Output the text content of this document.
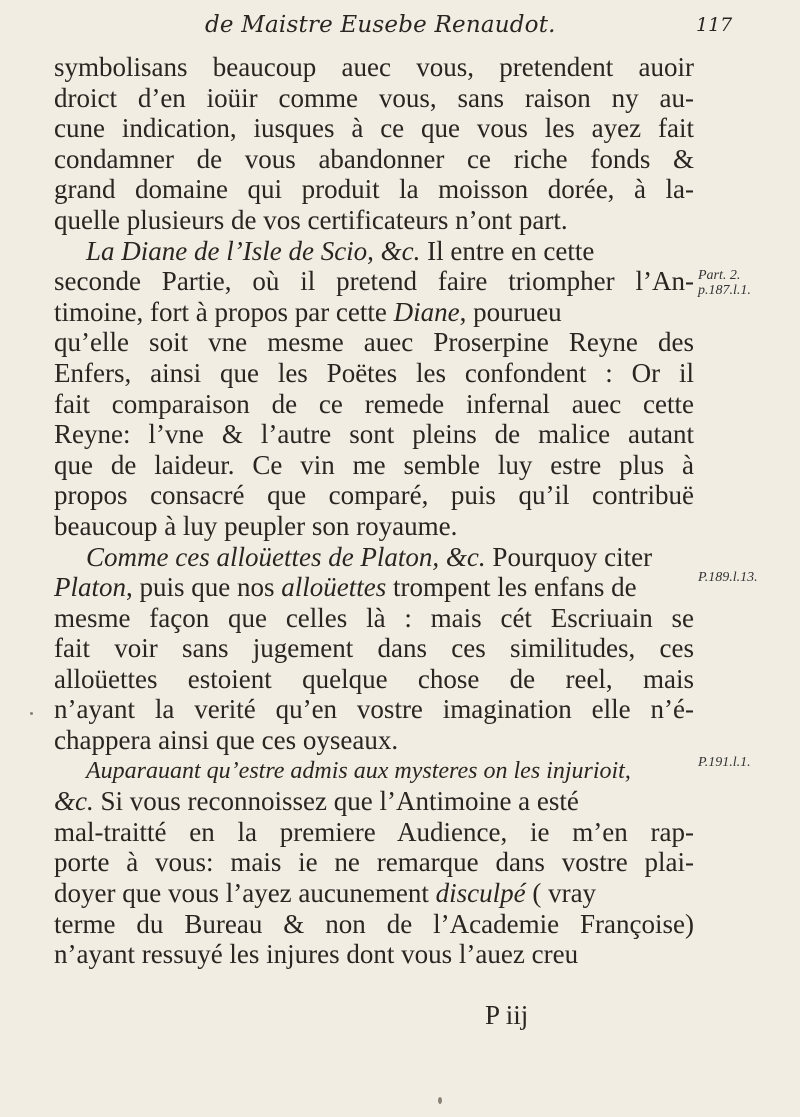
de Maistre Eusebe Renaudot.	117
symbolisans beaucoup auec vous, pretendent auoir
droict d’en ioüir comme vous, sans raison ny au-
cune indication, iusques à ce que vous les ayez fait
condamner de vous abandonner ce riche fonds &
grand domaine qui produit la moisson dorée, à la-
quelle plusieurs de vos certificateurs n’ont part.
La Diane de l’Isle de Scio, &c. Il entre en cette
seconde Partie, où il pretend faire triompher l’An-
timoine, fort à propos par cette Diane, pourueu
qu’elle soit vne mesme auec Proserpine Reyne des
Enfers, ainsi que les Poëtes les confondent : Or il
fait comparaison de ce remede infernal auec cette
Reyne: l’vne & l’autre sont pleins de malice autant
que de laideur. Ce vin me semble luy estre plus à
propos consacré que comparé, puis qu’il contribuë
beaucoup à luy peupler son royaume.
Comme ces alloüettes de Platon, &c. Pourquoy citer
Platon, puis que nos alloüettes trompent les enfans de
mesme façon que celles là : mais cét Escriuain se
fait voir sans jugement dans ces similitudes, ces
alloüettes estoient quelque chose de reel, mais
n’ayant la verité qu’en vostre imagination elle n’é-
chappera ainsi que ces oyseaux.
Auparauant qu’estre admis aux mysteres on les injurioit,
&c. Si vous reconnoissez que l’Antimoine a esté
mal-traitté en la premiere Audience, ie m’en rap-
porte à vous: mais ie ne remarque dans vostre plai-
doyer que vous l’ayez aucunement disculpé ( vray
terme du Bureau & non de l’Academie Françoise)
n’ayant ressuyé les injures dont vous l’auez creu
Part. 2.
p.187.l.1.
P.189.l.13.
P.191.l.1.
P iij
